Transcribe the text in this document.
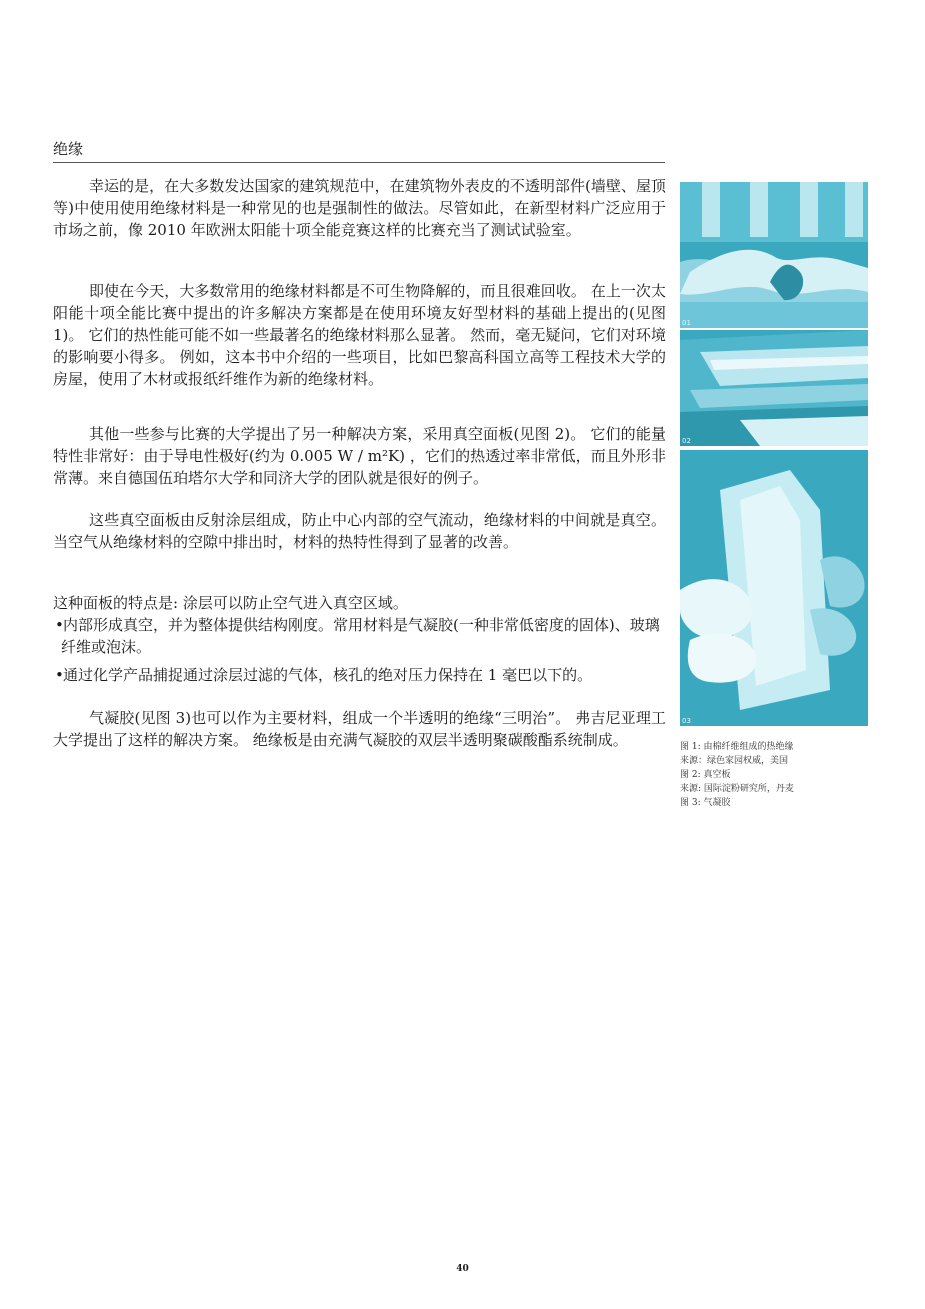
绝缘

幸运的是，在大多数发达国家的建筑规范中，在建筑物外表皮的不透明部件(墙壁、屋顶等)中使用使用绝缘材料是一种常见的也是强制性的做法。尽管如此，在新型材料广泛应用于市场之前，像 2010 年欧洲太阳能十项全能竞赛这样的比赛充当了测试试验室。

即使在今天，大多数常用的绝缘材料都是不可生物降解的，而且很难回收。 在上一次太阳能十项全能比赛中提出的许多解决方案都是在使用环境友好型材料的基础上提出的(见图 1)。 它们的热性能可能不如一些最著名的绝缘材料那么显著。 然而，毫无疑问，它们对环境的影响要小得多。 例如，这本书中介绍的一些项目，比如巴黎高科国立高等工程技术大学的房屋，使用了木材或报纸纤维作为新的绝缘材料。

其他一些参与比赛的大学提出了另一种解决方案，采用真空面板(见图 2)。 它们的能量特性非常好：由于导电性极好(约为 0.005 W / m²K) ，它们的热透过率非常低，而且外形非常薄。来自德国伍珀塔尔大学和同济大学的团队就是很好的例子。

这些真空面板由反射涂层组成，防止中心内部的空气流动，绝缘材料的中间就是真空。 当空气从绝缘材料的空隙中排出时，材料的热特性得到了显著的改善。

这种面板的特点是: 涂层可以防止空气进入真空区域。

•内部形成真空，并为整体提供结构刚度。常用材料是气凝胶(一种非常低密度的固体)、玻璃纤维或泡沫。

•通过化学产品捕捉通过涂层过滤的气体，核孔的绝对压力保持在 1 毫巴以下的。

气凝胶(见图 3)也可以作为主要材料，组成一个半透明的绝缘“三明治”。 弗吉尼亚理工大学提出了这样的解决方案。 绝缘板是由充满气凝胶的双层半透明聚碳酸酯系统制成。

01
02
03
图 1: 由棉纤维组成的热绝缘
来源：绿色家园权威，美国
图 2: 真空板
来源: 国际淀粉研究所，丹麦
图 3: 气凝胶
40
